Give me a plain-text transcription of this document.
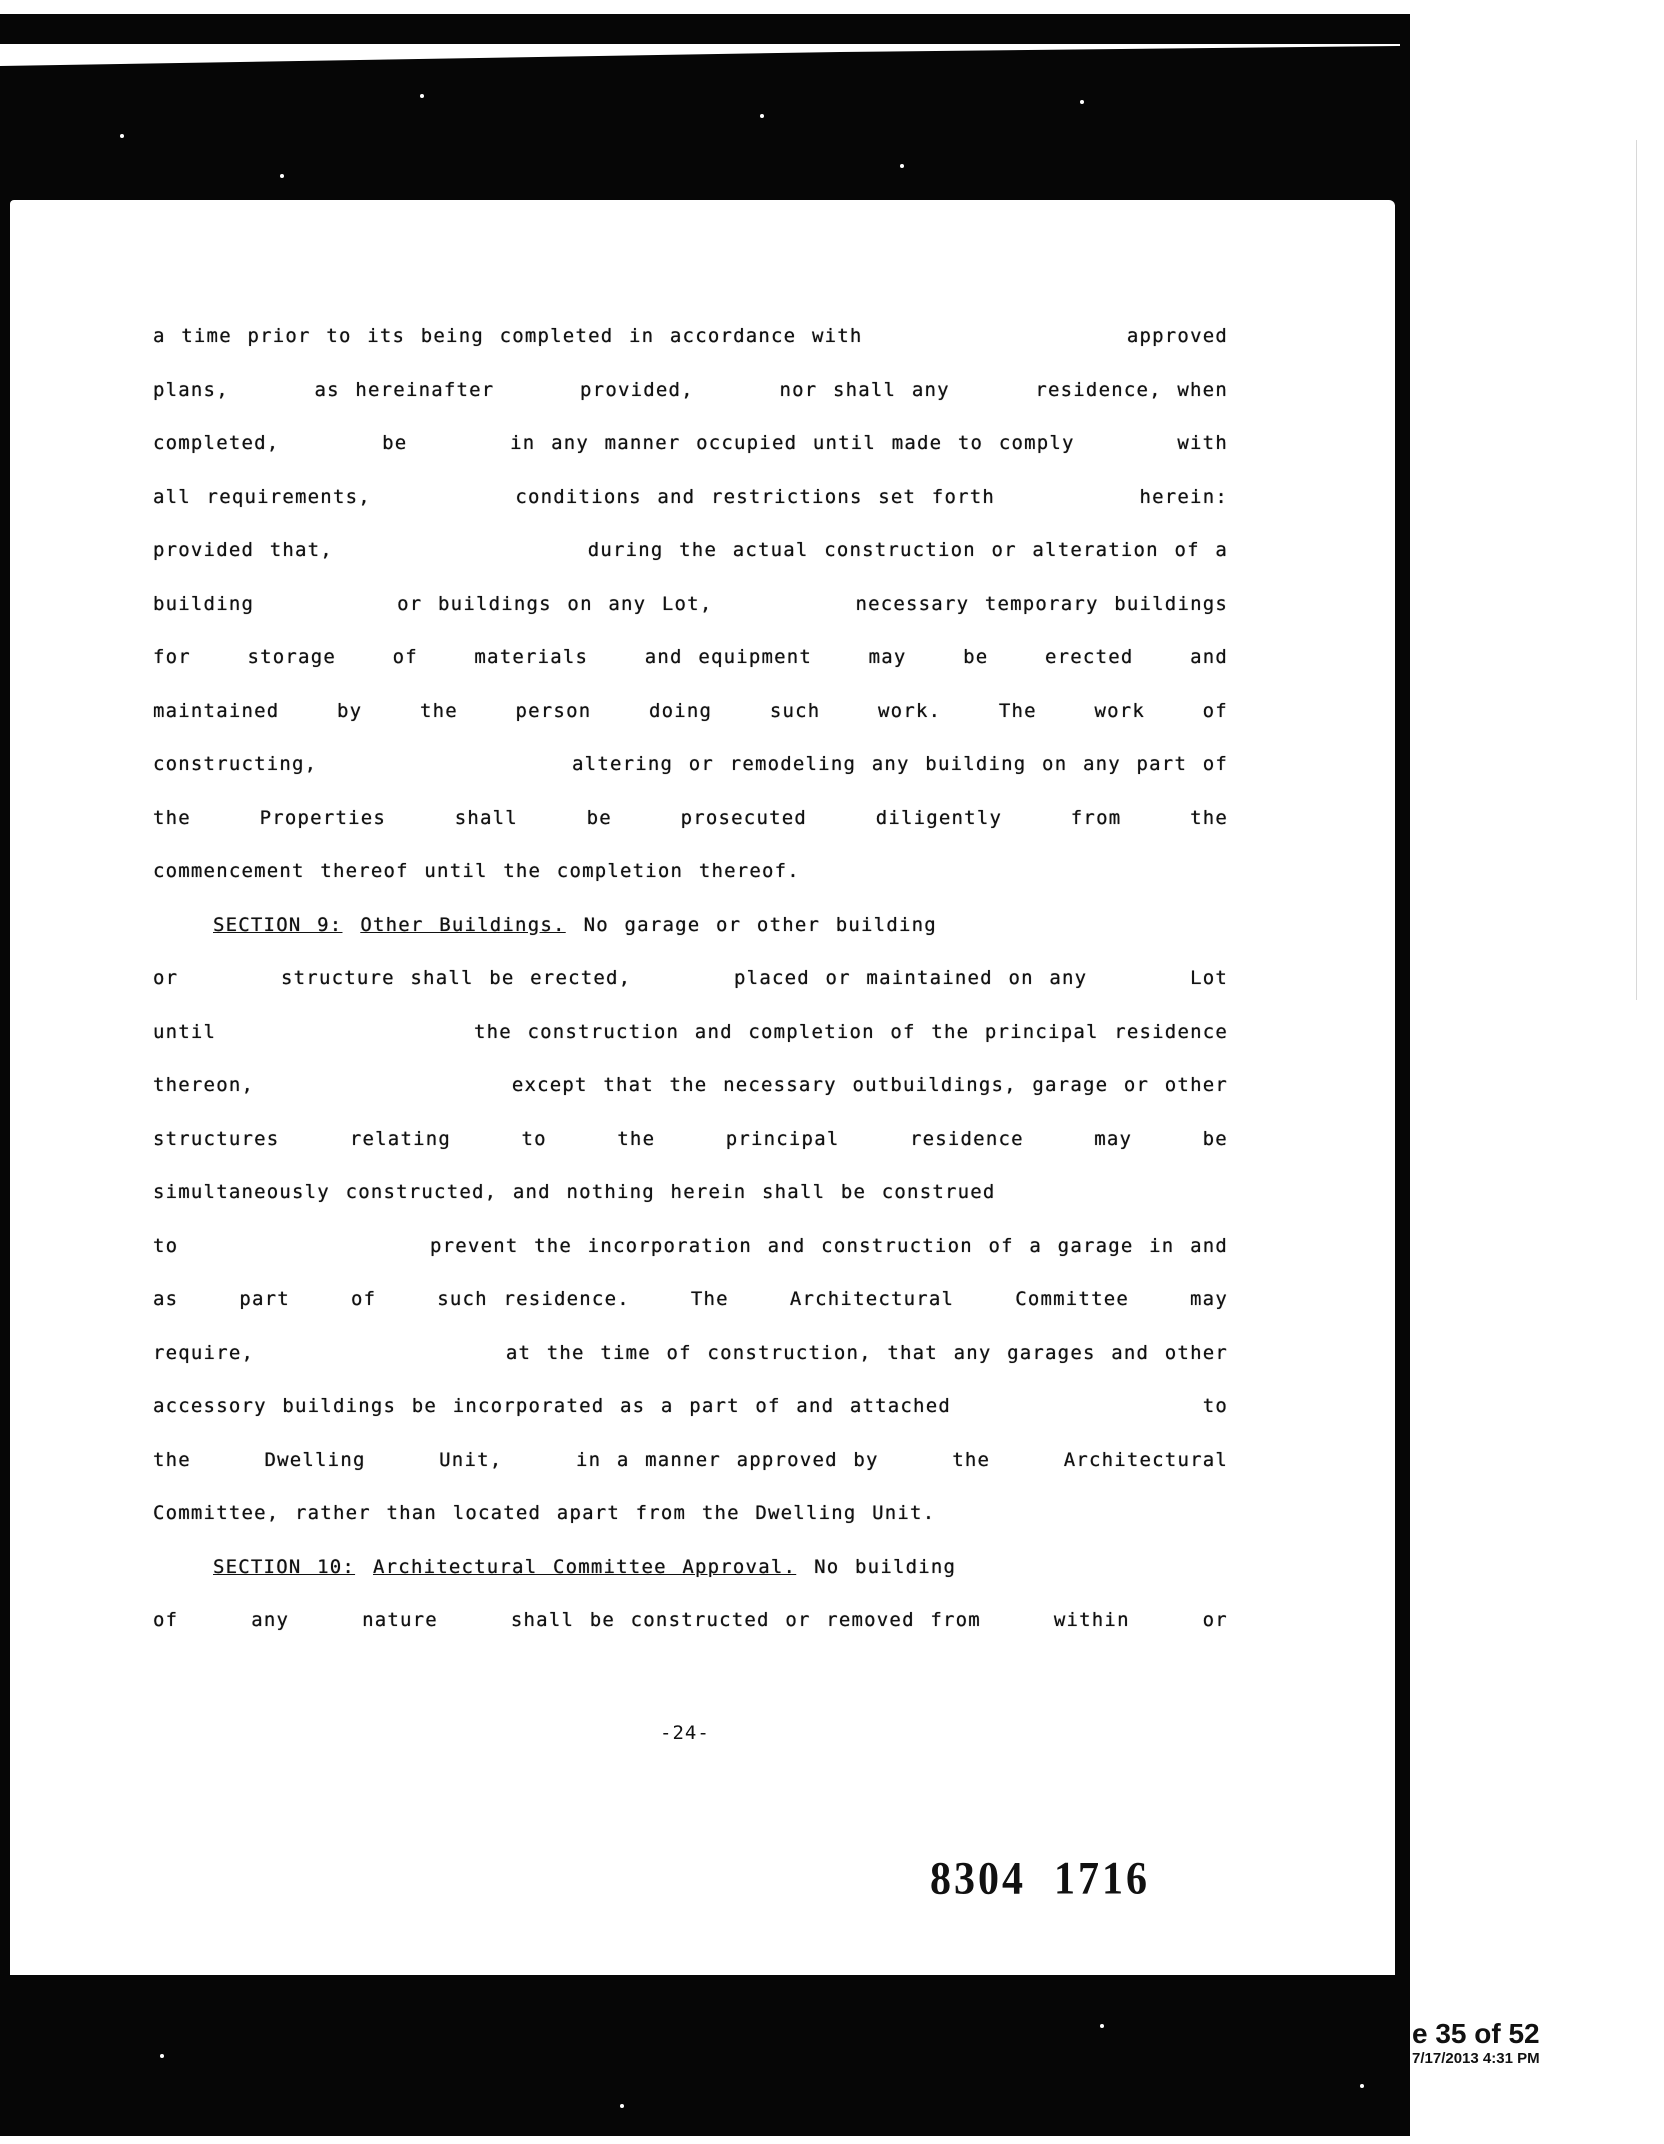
a time prior to its being completed in accordance with	approved
plans,	as hereinafter	provided,	nor shall any	residence, when
completed,	be	in any manner occupied until made to comply	with
all requirements,	conditions and restrictions set forth	herein:
provided that,	during the actual construction or alteration of a
building	or buildings on any Lot,	necessary temporary buildings
for	storage	of	materials	and equipment	may	be	erected	and
maintained	by	the	person	doing	such	work.	The	work	of
constructing,	altering or remodeling any building on any part of
the	Properties	shall	be	prosecuted	diligently	from	the
commencement thereof until the completion thereof.
SECTION 9: Other Buildings. No garage or other building
or	structure shall be erected,	placed or maintained on any	Lot
until	the construction and completion of the principal residence
thereon,	except that the necessary outbuildings, garage or other
structures	relating	to	the	principal	residence	may	be
simultaneously constructed, and nothing herein shall be construed
to	prevent the incorporation and construction of a garage in and
as	part	of	such residence.	The	Architectural	Committee	may
require,	at the time of construction, that any garages and other
accessory buildings be incorporated as a part of and attached	to
the	Dwelling	Unit,	in a manner approved by	the	Architectural
Committee, rather than located apart from the Dwelling Unit.
SECTION 10: Architectural Committee Approval. No building
of	any	nature	shall be constructed or removed from	within	or
-24-
8304 1716
e 35 of 52
7/17/2013 4:31 PM
